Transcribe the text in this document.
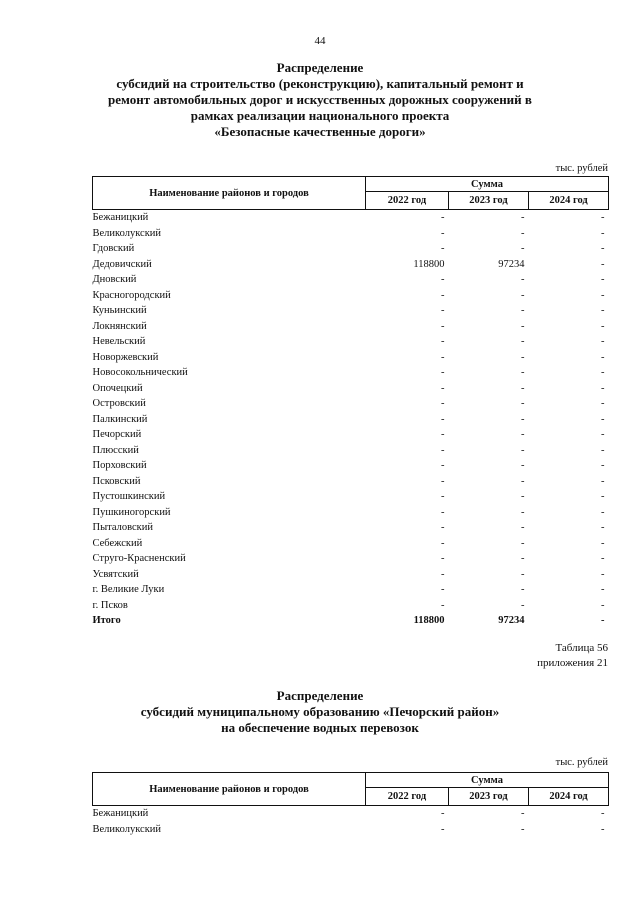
44
Распределение
субсидий на строительство (реконструкцию), капитальный ремонт и
ремонт автомобильных дорог и искусственных дорожных сооружений в
рамках реализации национального проекта
«Безопасные качественные дороги»
тыс. рублей
Наименование районов и городов	Сумма		
	2022 год	2023 год	2024 год
Бежаницкий	-	-	-
Великолукский	-	-	-
Гдовский	-	-	-
Дедовичский	118800	97234	-
Дновский	-	-	-
Красногородский	-	-	-
Куньинский	-	-	-
Локнянский	-	-	-
Невельский	-	-	-
Новоржевский	-	-	-
Новосокольнический	-	-	-
Опочецкий	-	-	-
Островский	-	-	-
Палкинский	-	-	-
Печорский	-	-	-
Плюсский	-	-	-
Порховский	-	-	-
Псковский	-	-	-
Пустошкинский	-	-	-
Пушкиногорский	-	-	-
Пыталовский	-	-	-
Себежский	-	-	-
Струго-Красненский	-	-	-
Усвятский	-	-	-
г. Великие Луки	-	-	-
г. Псков	-	-	-
Итого	118800	97234	-
Таблица 56
приложения 21
Распределение
субсидий муниципальному образованию «Печорский район»
на обеспечение водных перевозок
тыс. рублей
Наименование районов и городов	Сумма		
	2022 год	2023 год	2024 год
Бежаницкий	-	-	-
Великолукский	-	-	-
